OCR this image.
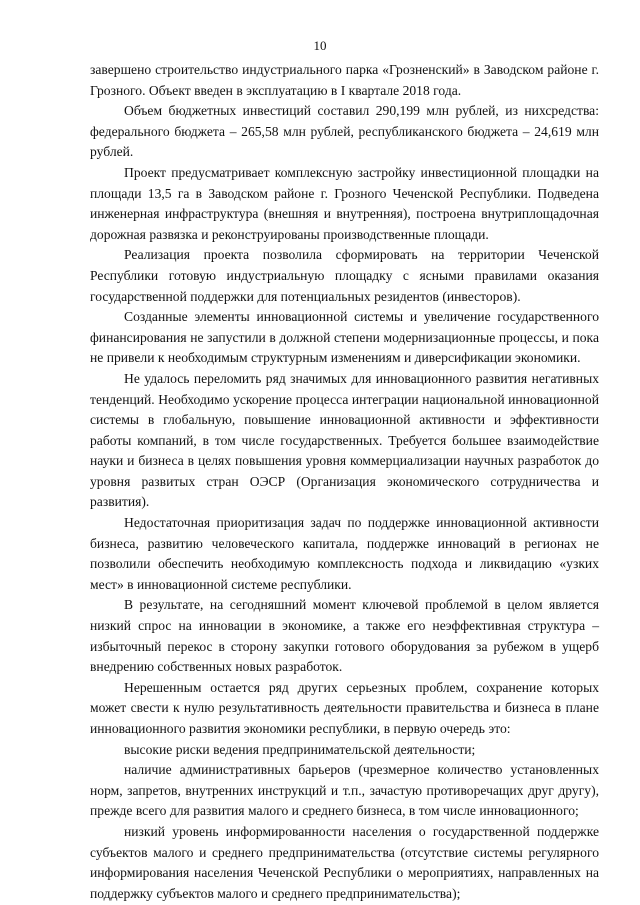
10

завершено строительство индустриального парка «Грозненский» в Заводском районе г. Грозного. Объект введен в эксплуатацию в I квартале 2018 года.

Объем бюджетных инвестиций составил 290,199 млн рублей, из нихсредства: федерального бюджета – 265,58 млн рублей, республиканского бюджета – 24,619 млн рублей.

Проект предусматривает комплексную застройку инвестиционной площадки на площади 13,5 га в Заводском районе г. Грозного Чеченской Республики. Подведена инженерная инфраструктура (внешняя и внутренняя), построена внутриплощадочная дорожная развязка и реконструированы производственные площади.

Реализация проекта позволила сформировать на территории Чеченской Республики готовую индустриальную площадку с ясными правилами оказания государственной поддержки для потенциальных резидентов (инвесторов).

Созданные элементы инновационной системы и увеличение государственного финансирования не запустили в должной степени модернизационные процессы, и пока не привели к необходимым структурным изменениям и диверсификации экономики.

Не удалось переломить ряд значимых для инновационного развития негативных тенденций. Необходимо ускорение процесса интеграции национальной инновационной системы в глобальную, повышение инновационной активности и эффективности работы компаний, в том числе государственных. Требуется большее взаимодействие науки и бизнеса в целях повышения уровня коммерциализации научных разработок до уровня развитых стран ОЭСР (Организация экономического сотрудничества и развития).

Недостаточная приоритизация задач по поддержке инновационной активности бизнеса, развитию человеческого капитала, поддержке инноваций в регионах не позволили обеспечить необходимую комплексность подхода и ликвидацию «узких мест» в инновационной системе республики.

В результате, на сегодняшний момент ключевой проблемой в целом является низкий спрос на инновации в экономике, а также его неэффективная структура – избыточный перекос в сторону закупки готового оборудования за рубежом в ущерб внедрению собственных новых разработок.

Нерешенным остается ряд других серьезных проблем, сохранение которых может свести к нулю результативность деятельности правительства и бизнеса в плане инновационного развития экономики республики, в первую очередь это:

высокие риски ведения предпринимательской деятельности;

наличие административных барьеров (чрезмерное количество установленных норм, запретов, внутренних инструкций и т.п., зачастую противоречащих друг другу), прежде всего для развития малого и среднего бизнеса, в том числе инновационного;

низкий уровень информированности населения о государственной поддержке субъектов малого и среднего предпринимательства (отсутствие системы регулярного информирования населения Чеченской Республики о мероприятиях, направленных на поддержку субъектов малого и среднего предпринимательства);
